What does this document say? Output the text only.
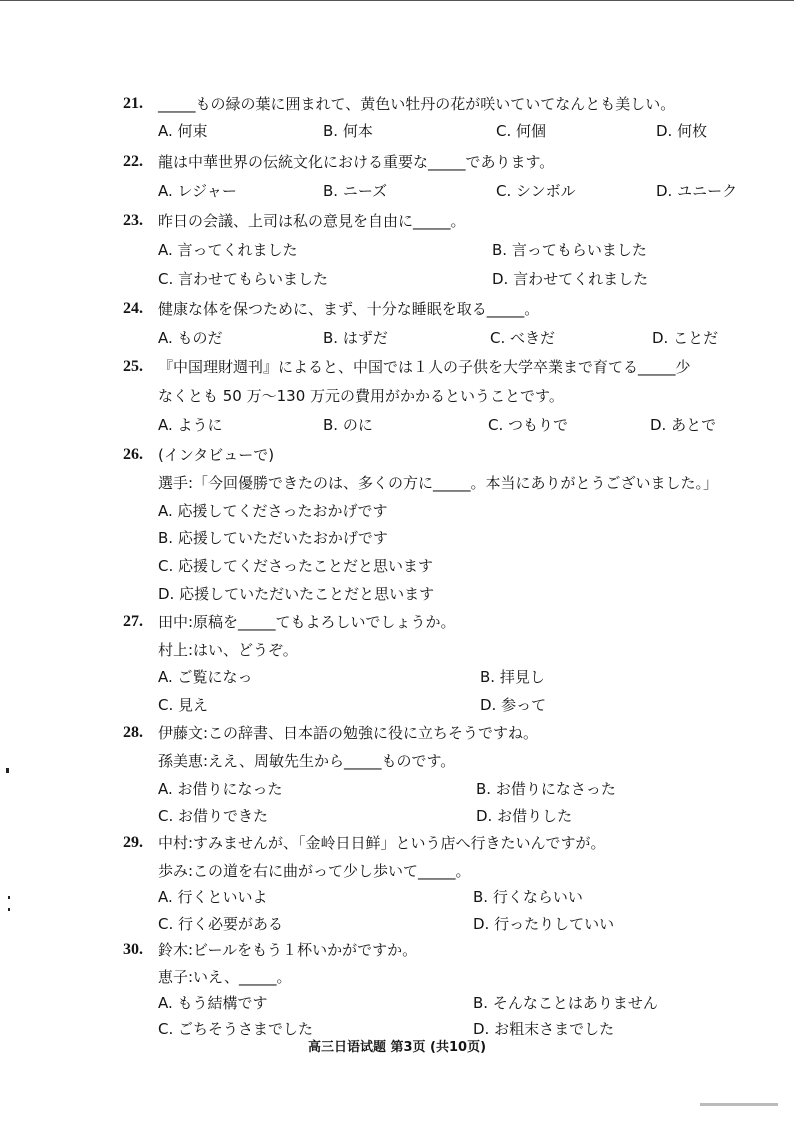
21. _____もの緑の葉に囲まれて、黄色い牡丹の花が咲いていてなんとも美しい。
A. 何束	B. 何本	C. 何個	D. 何枚
22. 龍は中華世界の伝統文化における重要な_____であります。
A. レジャー	B. ニーズ	C. シンボル	D. ユニーク
23. 昨日の会議、上司は私の意見を自由に_____。
A. 言ってくれました	B. 言ってもらいました
C. 言わせてもらいました	D. 言わせてくれました
24. 健康な体を保つために、まず、十分な睡眠を取る_____。
A. ものだ	B. はずだ	C. べきだ	D. ことだ
25. 『中国理財週刊』によると、中国では１人の子供を大学卒業まで育てる_____少
なくとも 50 万～130 万元の費用がかかるということです。
A. ように	B. のに	C. つもりで	D. あとで
26. (インタビューで)
選手:「今回優勝できたのは、多くの方に_____。本当にありがとうございました。」
A. 応援してくださったおかげです
B. 応援していただいたおかげです
C. 応援してくださったことだと思います
D. 応援していただいたことだと思います
27. 田中:原稿を_____てもよろしいでしょうか。
村上:はい、どうぞ。
A. ご覧になっ	B. 拝見し
C. 見え	D. 参って
28. 伊藤文:この辞書、日本語の勉強に役に立ちそうですね。
孫美恵:ええ、周敏先生から_____ものです。
A. お借りになった	B. お借りになさった
C. お借りできた	D. お借りした
29. 中村:すみませんが、「金岭日日鲜」という店へ行きたいんですが。
歩み:この道を右に曲がって少し歩いて_____。
A. 行くといいよ	B. 行くならいい
C. 行く必要がある	D. 行ったりしていい
30. 鈴木:ビールをもう１杯いかがですか。
恵子:いえ、_____。
A. もう結構です	B. そんなことはありません
C. ごちそうさまでした	D. お粗末さまでした
高三日语试题 第3页 (共10页)
